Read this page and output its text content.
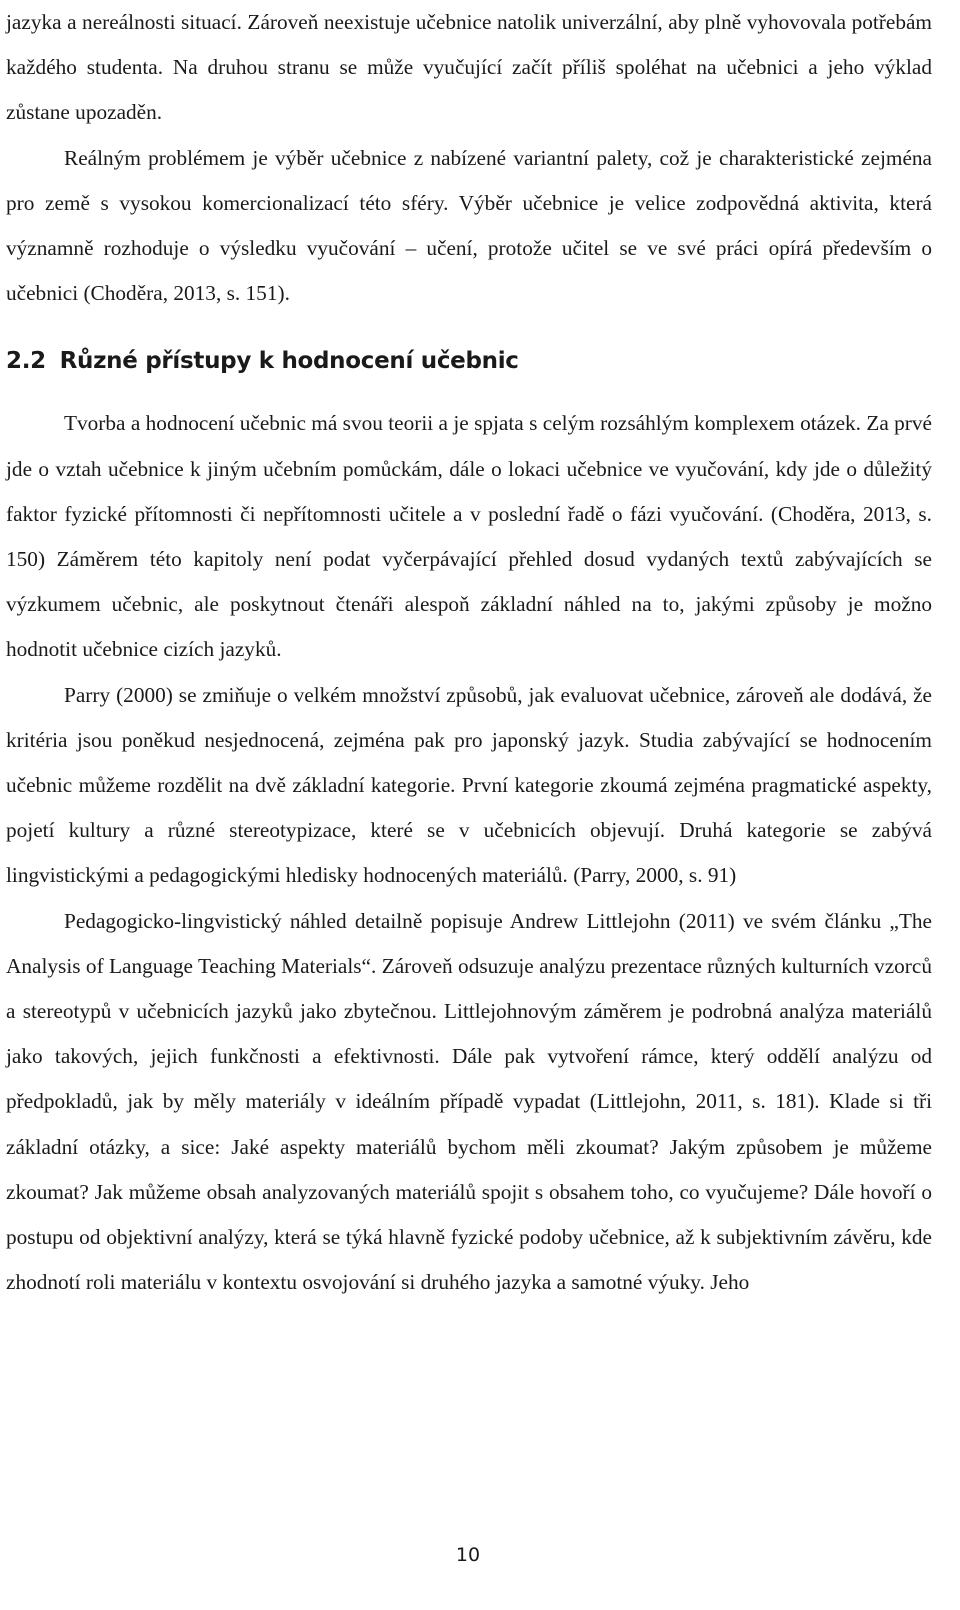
jazyka a nereálnosti situací. Zároveň neexistuje učebnice natolik univerzální, aby plně vyhovovala potřebám každého studenta. Na druhou stranu se může vyučující začít příliš spoléhat na učebnici a jeho výklad zůstane upozaděn.

Reálným problémem je výběr učebnice z nabízené variantní palety, což je charakteristické zejména pro země s vysokou komercionalizací této sféry. Výběr učebnice je velice zodpovědná aktivita, která významně rozhoduje o výsledku vyučování – učení, protože učitel se ve své práci opírá především o učebnici (Choděra, 2013, s. 151).

2.2 Různé přístupy k hodnocení učebnic

Tvorba a hodnocení učebnic má svou teorii a je spjata s celým rozsáhlým komplexem otázek. Za prvé jde o vztah učebnice k jiným učebním pomůckám, dále o lokaci učebnice ve vyučování, kdy jde o důležitý faktor fyzické přítomnosti či nepřítomnosti učitele a v poslední řadě o fázi vyučování. (Choděra, 2013, s. 150) Záměrem této kapitoly není podat vyčerpávající přehled dosud vydaných textů zabývajících se výzkumem učebnic, ale poskytnout čtenáři alespoň základní náhled na to, jakými způsoby je možno hodnotit učebnice cizích jazyků.

Parry (2000) se zmiňuje o velkém množství způsobů, jak evaluovat učebnice, zároveň ale dodává, že kritéria jsou poněkud nesjednocená, zejména pak pro japonský jazyk. Studia zabývající se hodnocením učebnic můžeme rozdělit na dvě základní kategorie. První kategorie zkoumá zejména pragmatické aspekty, pojetí kultury a různé stereotypizace, které se v učebnicích objevují. Druhá kategorie se zabývá lingvistickými a pedagogickými hledisky hodnocených materiálů. (Parry, 2000, s. 91)

Pedagogicko-lingvistický náhled detailně popisuje Andrew Littlejohn (2011) ve svém článku „The Analysis of Language Teaching Materials“. Zároveň odsuzuje analýzu prezentace různých kulturních vzorců a stereotypů v učebnicích jazyků jako zbytečnou. Littlejohnovým záměrem je podrobná analýza materiálů jako takových, jejich funkčnosti a efektivnosti. Dále pak vytvoření rámce, který oddělí analýzu od předpokladů, jak by měly materiály v ideálním případě vypadat (Littlejohn, 2011, s. 181). Klade si tři základní otázky, a sice: Jaké aspekty materiálů bychom měli zkoumat? Jakým způsobem je můžeme zkoumat? Jak můžeme obsah analyzovaných materiálů spojit s obsahem toho, co vyučujeme? Dále hovoří o postupu od objektivní analýzy, která se týká hlavně fyzické podoby učebnice, až k subjektivním závěru, kde zhodnotí roli materiálu v kontextu osvojování si druhého jazyka a samotné výuky. Jeho

10
